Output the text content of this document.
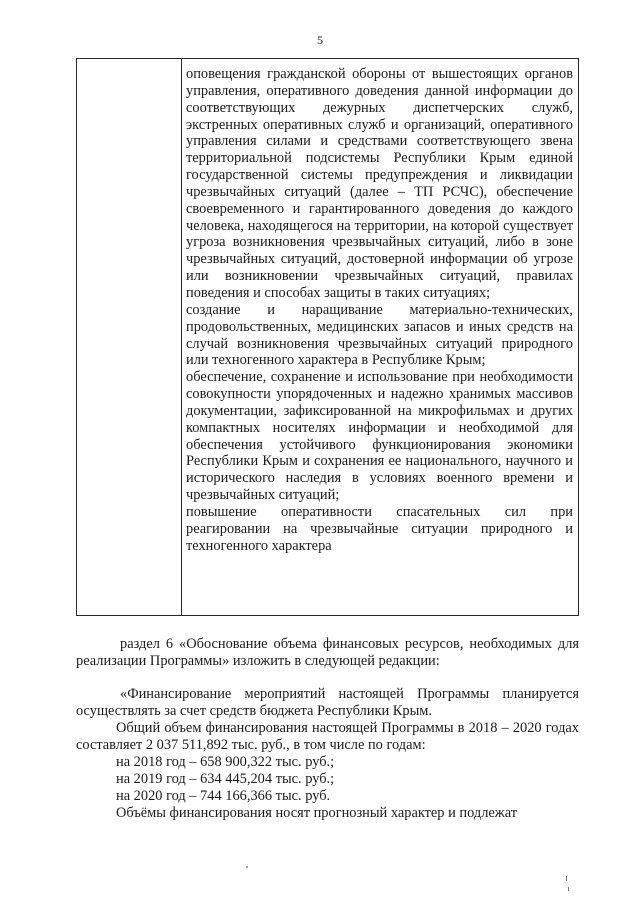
5

оповещения гражданской обороны от вышестоящих органов управления, оперативного доведения данной информации до соответствующих дежурных диспетчерских служб, экстренных оперативных служб и организаций, оперативного управления силами и средствами соответствующего звена территориальной подсистемы Республики Крым единой государственной системы предупреждения и ликвидации чрезвычайных ситуаций (далее – ТП РСЧС), обеспечение своевременного и гарантированного доведения до каждого человека, находящегося на территории, на которой существует угроза возникновения чрезвычайных ситуаций, либо в зоне чрезвычайных ситуаций, достоверной информации об угрозе или возникновении чрезвычайных ситуаций, правилах поведения и способах защиты в таких ситуациях;

создание и наращивание материально-технических, продовольственных, медицинских запасов и иных средств на случай возникновения чрезвычайных ситуаций природного или техногенного характера в Республике Крым;

обеспечение, сохранение и использование при необходимости совокупности упорядоченных и надежно хранимых массивов документации, зафиксированной на микрофильмах и других компактных носителях информации и необходимой для обеспечения устойчивого функционирования экономики Республики Крым и сохранения ее национального, научного и исторического наследия в условиях военного времени и чрезвычайных ситуаций;

повышение оперативности спасательных сил при реагировании на чрезвычайные ситуации природного и техногенного характера

раздел 6 «Обоснование объема финансовых ресурсов, необходимых для реализации Программы» изложить в следующей редакции:

«Финансирование мероприятий настоящей Программы планируется осуществлять за счет средств бюджета Республики Крым.

Общий объем финансирования настоящей Программы в 2018 – 2020 годах составляет 2 037 511,892 тыс. руб., в том числе по годам:

на 2018 год – 658 900,322 тыс. руб.;

на 2019 год – 634 445,204 тыс. руб.;

на 2020 год – 744 166,366 тыс. руб.

Объёмы финансирования носят прогнозный характер и подлежат
